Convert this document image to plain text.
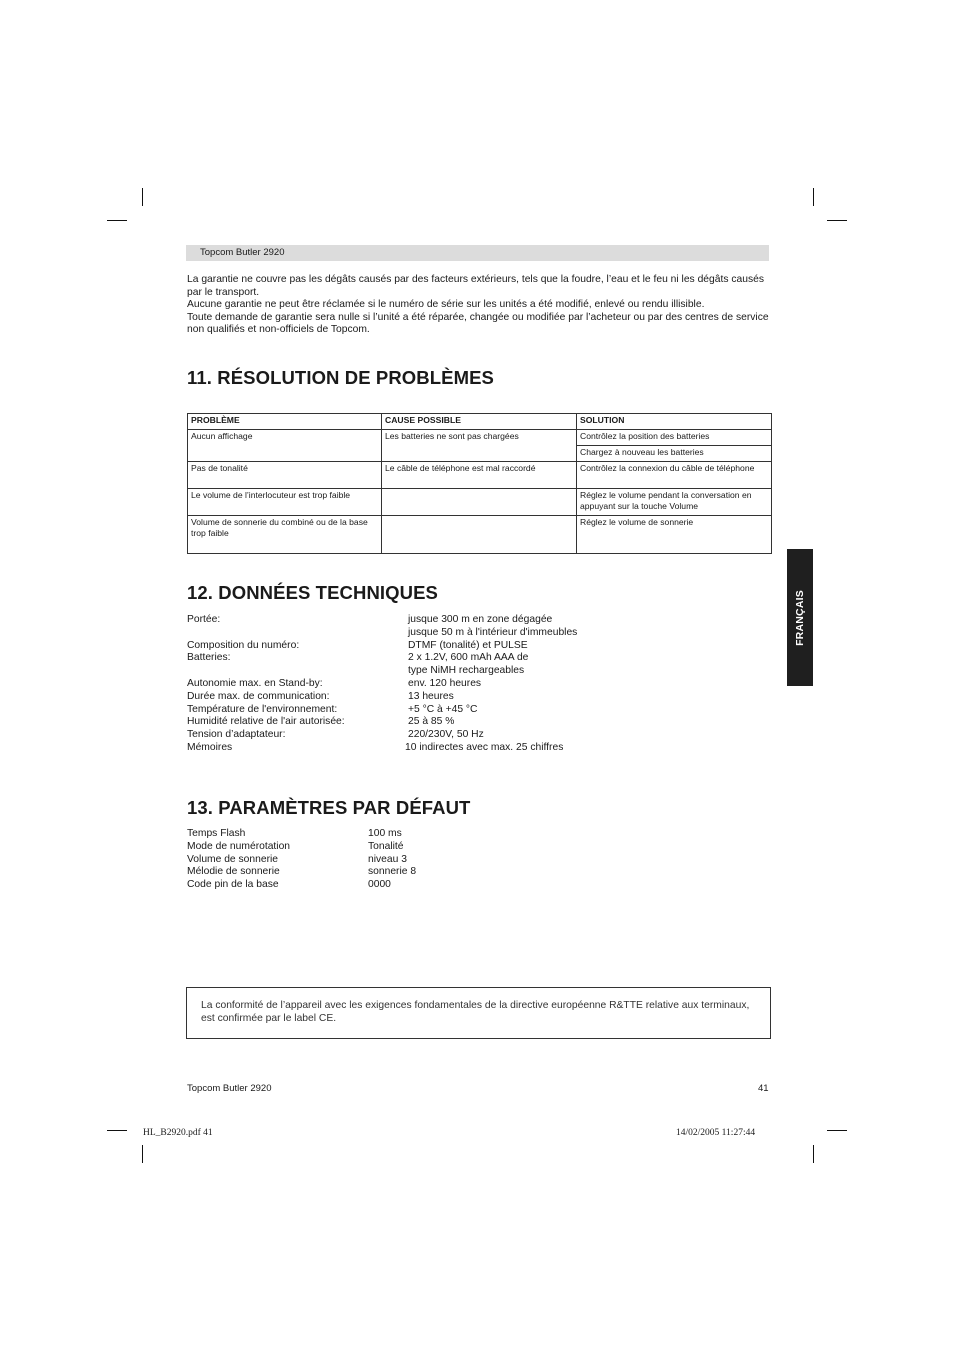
Topcom Butler 2920

La garantie ne couvre pas les dégâts causés par des facteurs extérieurs, tels que la foudre, l’eau et le feu ni les dégâts causés par le transport.

Aucune garantie ne peut être réclamée si le numéro de série sur les unités a été modifié, enlevé ou rendu illisible.

Toute demande de garantie sera nulle si l’unité a été réparée, changée ou modifiée par l’acheteur ou par des centres de service non qualifiés et non-officiels de Topcom.

11. RÉSOLUTION DE PROBLÈMES
PROBLÈME	CAUSE POSSIBLE	SOLUTION
Aucun affichage	Les batteries ne sont pas chargées	Contrôlez la position des batteries
		Chargez à nouveau les batteries
Pas de tonalité	Le câble de téléphone est mal raccordé	Contrôlez la connexion du câble de téléphone
Le volume de l’interlocuteur est trop faible		Réglez le volume pendant la conversation en appuyant sur la touche Volume
Volume de sonnerie du combiné ou de la base trop faible		Réglez le volume de sonnerie
12. DONNÉES TECHNIQUES
Portée:	jusque 300 m en zone dégagée
jusque 50 m à l'intérieur d'immeubles
Composition du numéro:	DTMF (tonalité) et PULSE
Batteries:	2 x 1.2V, 600 mAh AAA de
type NiMH rechargeables
Autonomie max. en Stand-by:	env. 120 heures
Durée max. de communication:	13 heures
Température de l'environnement:	+5 °C à +45 °C
Humidité relative de l'air autorisée:	25 à 85 %
Tension d’adaptateur:	220/230V, 50 Hz
Mémoires	10 indirectes avec max. 25 chiffres
13. PARAMÈTRES PAR DÉFAUT
Temps Flash	100 ms
Mode de numérotation	Tonalité
Volume de sonnerie	niveau 3
Mélodie de sonnerie	sonnerie 8
Code pin de la base	0000
La conformité de l’appareil avec les exigences fondamentales de la directive européenne R&TTE relative aux terminaux, est confirmée par le label CE.
FRANÇAIS
Topcom Butler 2920	41
HL_B2920.pdf 41	14/02/2005 11:27:44
